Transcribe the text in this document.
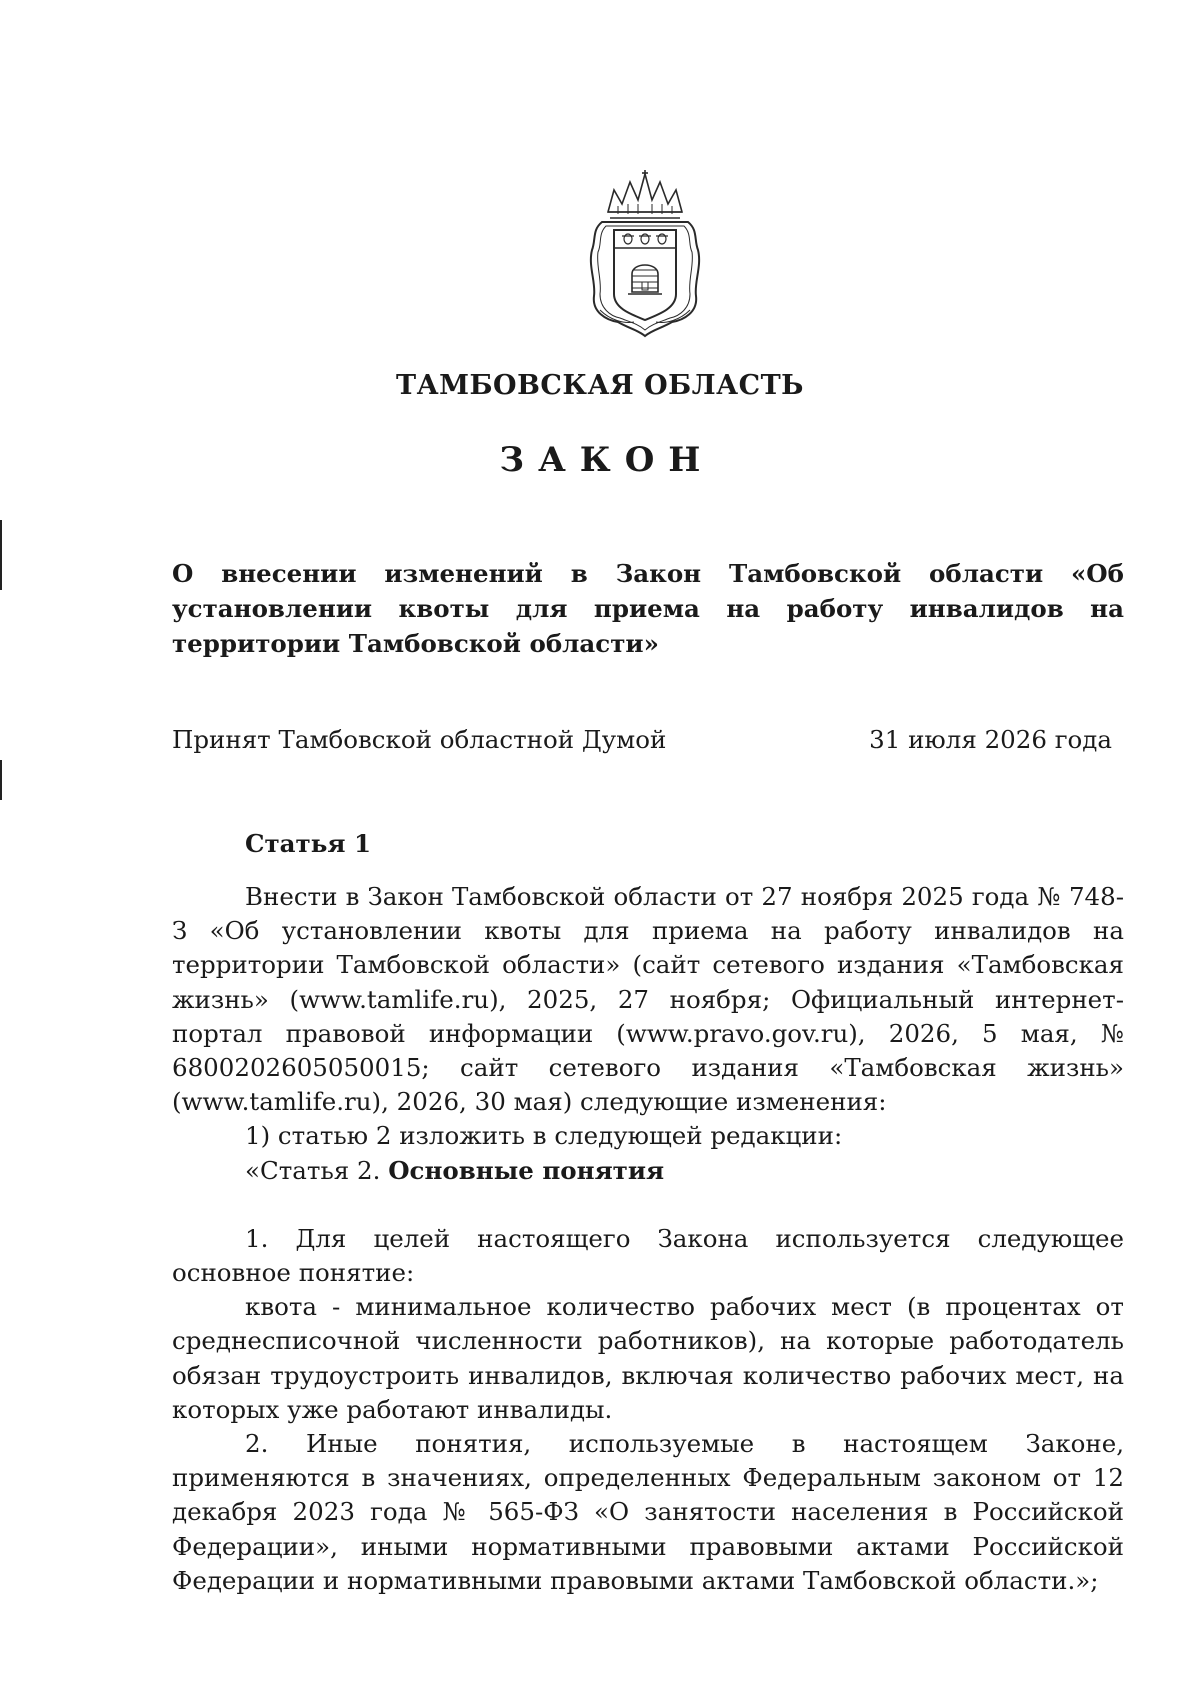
ТАМБОВСКАЯ ОБЛАСТЬ
ЗАКОН
О внесении изменений в Закон Тамбовской области «Об установлении квоты для приема на работу инвалидов на территории Тамбовской области»
Принят Тамбовской областной Думой	31 июля 2026 года
Статья 1

Внести в Закон Тамбовской области от 27 ноября 2025 года № 748-З «Об установлении квоты для приема на работу инвалидов на территории Тамбовской области» (сайт сетевого издания «Тамбовская жизнь» (www.tamlife.ru), 2025, 27 ноября; Официальный интернет-портал правовой информации (www.pravo.gov.ru), 2026, 5 мая, № 6800202605050015; сайт сетевого издания «Тамбовская жизнь» (www.tamlife.ru), 2026, 30 мая) следующие изменения:

1) статью 2 изложить в следующей редакции:

«Статья 2. Основные понятия

1. Для целей настоящего Закона используется следующее основное понятие:

квота - минимальное количество рабочих мест (в процентах от среднесписочной численности работников), на которые работодатель обязан трудоустроить инвалидов, включая количество рабочих мест, на которых уже работают инвалиды.

2. Иные понятия, используемые в настоящем Законе, применяются в значениях, определенных Федеральным законом от 12 декабря 2023 года № 565-ФЗ «О занятости населения в Российской Федерации», иными нормативными правовыми актами Российской Федерации и нормативными правовыми актами Тамбовской области.»;
